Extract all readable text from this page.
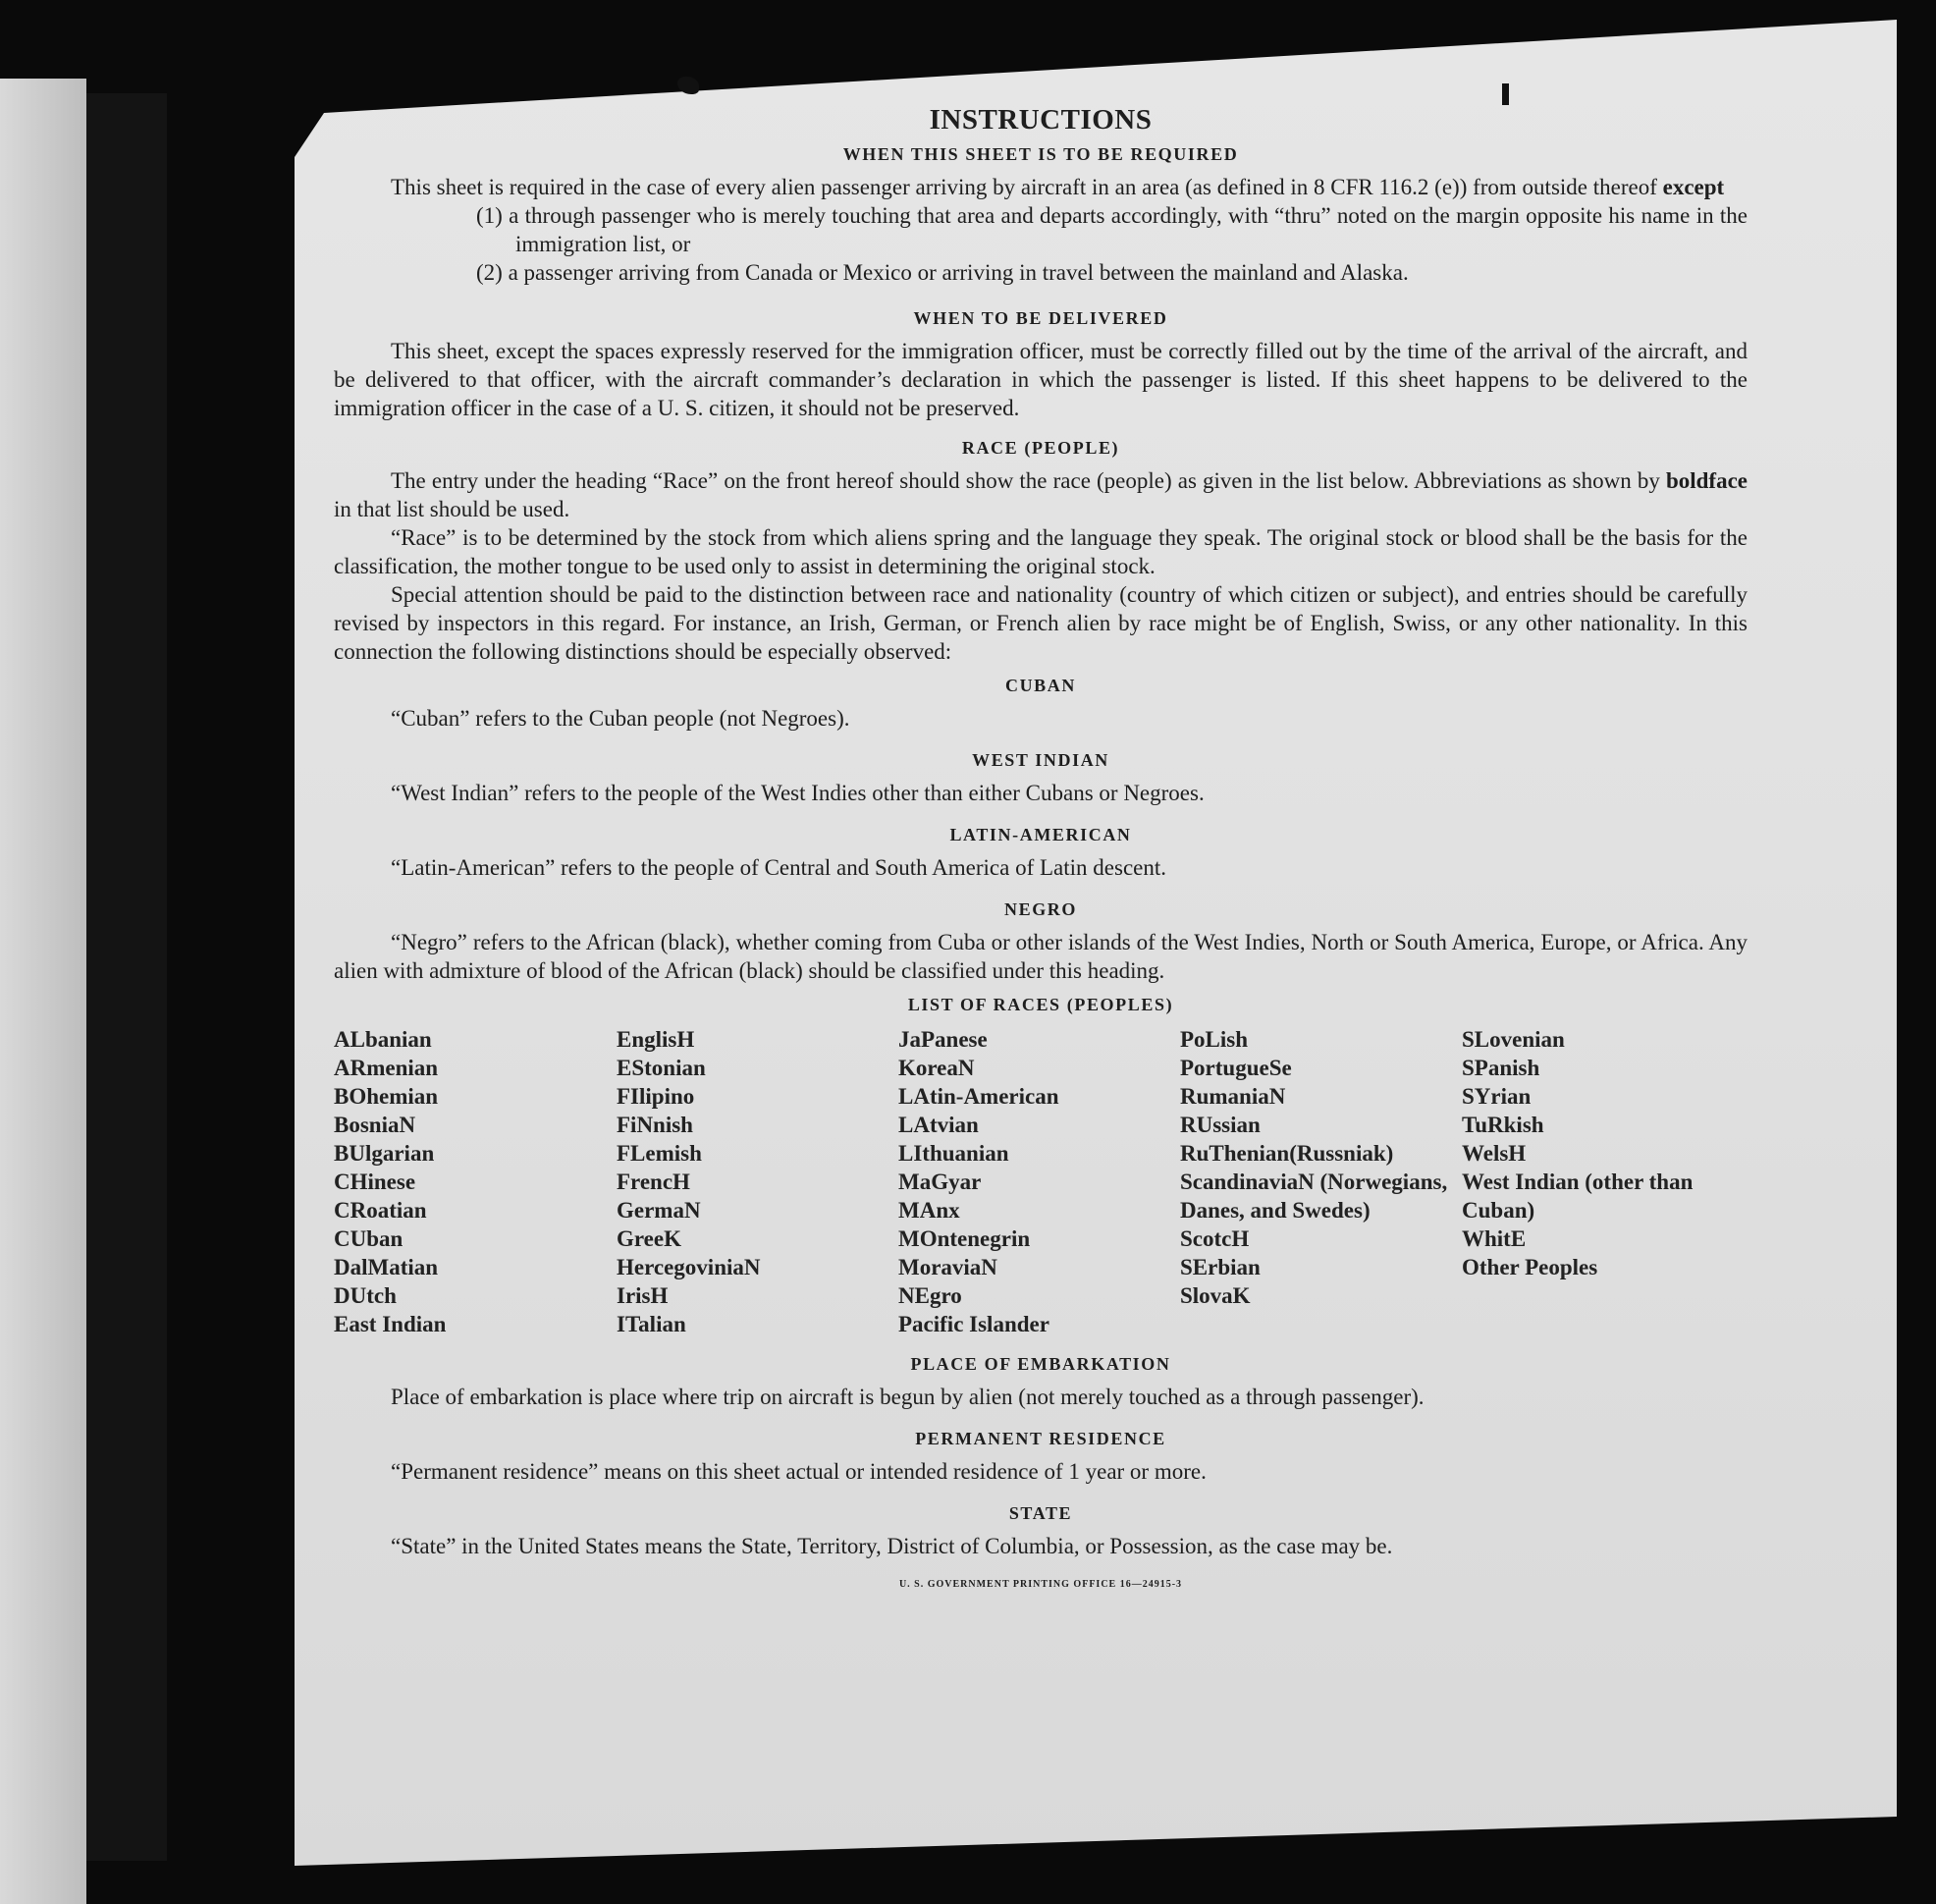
INSTRUCTIONS
WHEN THIS SHEET IS TO BE REQUIRED

This sheet is required in the case of every alien passenger arriving by aircraft in an area (as defined in 8 CFR 116.2 (e)) from outside thereof except

(1) a through passenger who is merely touching that area and departs accordingly, with “thru” noted on the margin opposite his name in the immigration list, or

(2) a passenger arriving from Canada or Mexico or arriving in travel between the mainland and Alaska.

WHEN TO BE DELIVERED

This sheet, except the spaces expressly reserved for the immigration officer, must be correctly filled out by the time of the arrival of the aircraft, and be delivered to that officer, with the aircraft commander’s declaration in which the passenger is listed. If this sheet happens to be delivered to the immigration officer in the case of a U. S. citizen, it should not be preserved.

RACE (PEOPLE)

The entry under the heading “Race” on the front hereof should show the race (people) as given in the list below. Abbreviations as shown by boldface in that list should be used.

“Race” is to be determined by the stock from which aliens spring and the language they speak. The original stock or blood shall be the basis for the classification, the mother tongue to be used only to assist in determining the original stock.

Special attention should be paid to the distinction between race and nationality (country of which citizen or subject), and entries should be carefully revised by inspectors in this regard. For instance, an Irish, German, or French alien by race might be of English, Swiss, or any other nationality. In this connection the following distinctions should be especially observed:

CUBAN

“Cuban” refers to the Cuban people (not Negroes).

WEST INDIAN

“West Indian” refers to the people of the West Indies other than either Cubans or Negroes.

LATIN-AMERICAN

“Latin-American” refers to the people of Central and South America of Latin descent.

NEGRO

“Negro” refers to the African (black), whether coming from Cuba or other islands of the West Indies, North or South America, Europe, or Africa. Any alien with admixture of blood of the African (black) should be classified under this heading.

LIST OF RACES (PEOPLES)
ALbanian
ARmenian
BOhemian
BosniaN
BUlgarian
CHinese
CRoatian
CUban
DalMatian
DUtch
East Indian
EnglisH
EStonian
FIlipino
FiNnish
FLemish
FrencH
GermaN
GreeK
HercegoviniaN
IrisH
ITalian
JaPanese
KoreaN
LAtin-American
LAtvian
LIthuanian
MaGyar
MAnx
MOntenegrin
MoraviaN
NEgro
Pacific Islander
PoLish
PortugueSe
RumaniaN
RUssian
RuThenian(Russniak)
ScandinaviaN (Norwegians, Danes, and Swedes)
ScotcH
SErbian
SlovaK
SLovenian
SPanish
SYrian
TuRkish
WelsH
West Indian (other than Cuban)
WhitE
Other Peoples
PLACE OF EMBARKATION

Place of embarkation is place where trip on aircraft is begun by alien (not merely touched as a through passenger).

PERMANENT RESIDENCE

“Permanent residence” means on this sheet actual or intended residence of 1 year or more.

STATE

“State” in the United States means the State, Territory, District of Columbia, or Possession, as the case may be.

U. S. GOVERNMENT PRINTING OFFICE 16—24915-3
